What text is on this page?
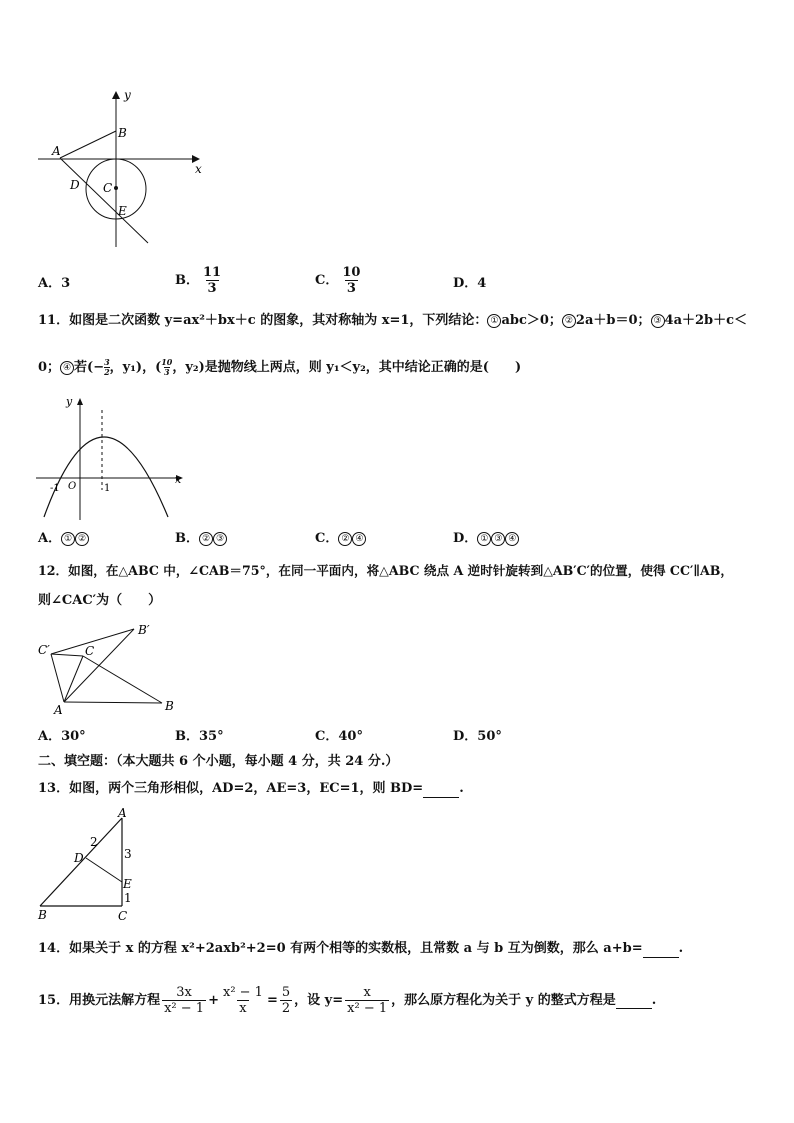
y
x
A
B
C
D
E
A．3	B． $\frac{11}{3}$	C． $\frac{10}{3}$	D．4
11．如图是二次函数 y=ax²＋bx＋c 的图象，其对称轴为 x=1，下列结论： ① abc＞0； ② 2a＋b＝0； ③ 4a＋2b＋c＜
0； ④ 若(− $\frac{3}{2}$ ，y₁)，( $\frac{10}{3}$ ，y₂)是抛物线上两点，则 y₁＜y₂，其中结论正确的是(　　)
y
x
O
-1	1
A． ① ②	B． ② ③	C． ② ④	D． ① ③ ④
12．如图，在△ABC 中，∠CAB＝75°，在同一平面内，将△ABC 绕点 A 逆时针旋转到△AB′C′的位置，使得 CC′∥AB，
则∠CAC′为（　　）
C′
B′
C
A	B
A．30°	B．35°	C．40°	D．50°
二、填空题：（本大题共 6 个小题，每小题 4 分，共 24 分.）
13．如图，两个三角形相似，AD=2，AE=3，EC=1，则 BD=	.
A
2
D	3
E
1
B	C
14．如果关于 x 的方程 x²+2axb²+2=0 有两个相等的实数根，且常数 a 与 b 互为倒数，那么 a+b=	.
15．用换元法解方程 $\frac{3x}{\text{x² − 1}} + \frac{\text{x² − 1}}{x} = \frac{5}{2}$ ，设 $y= \frac{x}{\text{x² − 1}}$ ，那么原方程化为关于 y 的整式方程是
	.
